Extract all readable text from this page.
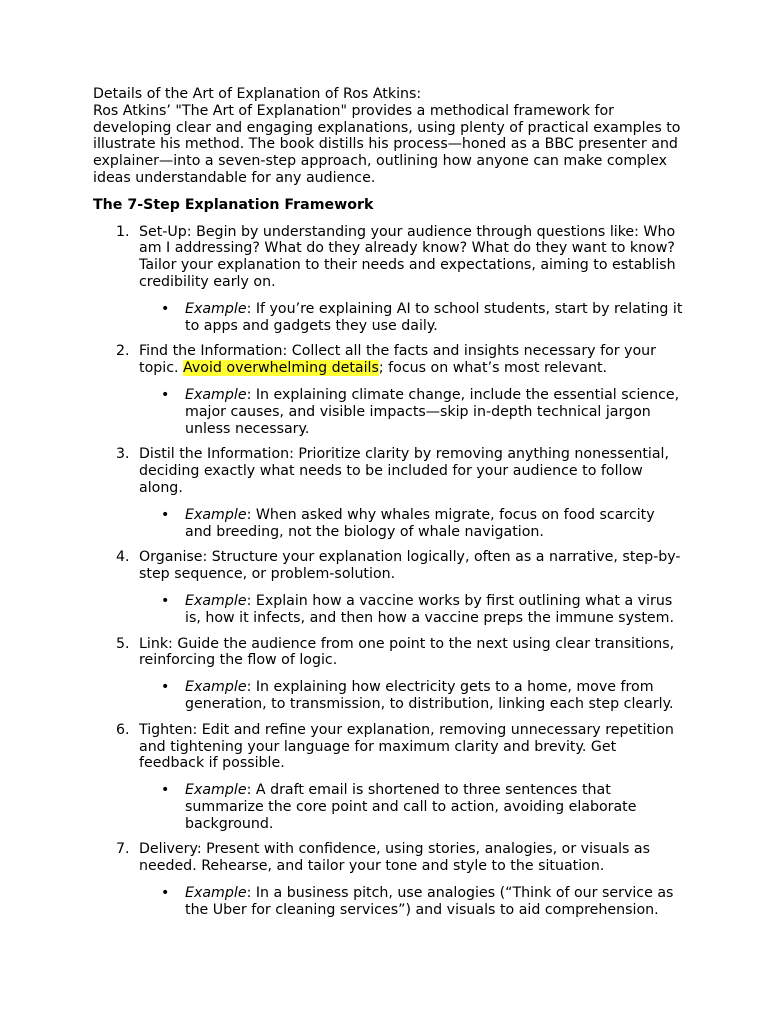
Details of the Art of Explanation of Ros Atkins:

Ros Atkins’ "The Art of Explanation" provides a methodical framework for developing clear and engaging explanations, using plenty of practical examples to illustrate his method. The book distills his process—honed as a BBC presenter and explainer—into a seven-step approach, outlining how anyone can make complex ideas understandable for any audience.

The 7-Step Explanation Framework
1. Set-Up: Begin by understanding your audience through questions like: Who am I addressing? What do they already know? What do they want to know? Tailor your explanation to their needs and expectations, aiming to establish credibility early on.
• Example: If you’re explaining AI to school students, start by relating it to apps and gadgets they use daily.
2. Find the Information: Collect all the facts and insights necessary for your topic. Avoid overwhelming details; focus on what’s most relevant.
• Example: In explaining climate change, include the essential science, major causes, and visible impacts—skip in-depth technical jargon unless necessary.
3. Distil the Information: Prioritize clarity by removing anything nonessential, deciding exactly what needs to be included for your audience to follow along.
• Example: When asked why whales migrate, focus on food scarcity and breeding, not the biology of whale navigation.
4. Organise: Structure your explanation logically, often as a narrative, step-by-step sequence, or problem-solution.
• Example: Explain how a vaccine works by first outlining what a virus is, how it infects, and then how a vaccine preps the immune system.
5. Link: Guide the audience from one point to the next using clear transitions, reinforcing the flow of logic.
• Example: In explaining how electricity gets to a home, move from generation, to transmission, to distribution, linking each step clearly.
6. Tighten: Edit and refine your explanation, removing unnecessary repetition and tightening your language for maximum clarity and brevity. Get feedback if possible.
• Example: A draft email is shortened to three sentences that summarize the core point and call to action, avoiding elaborate background.
7. Delivery: Present with confidence, using stories, analogies, or visuals as needed. Rehearse, and tailor your tone and style to the situation.
• Example: In a business pitch, use analogies (“Think of our service as the Uber for cleaning services”) and visuals to aid comprehension.
